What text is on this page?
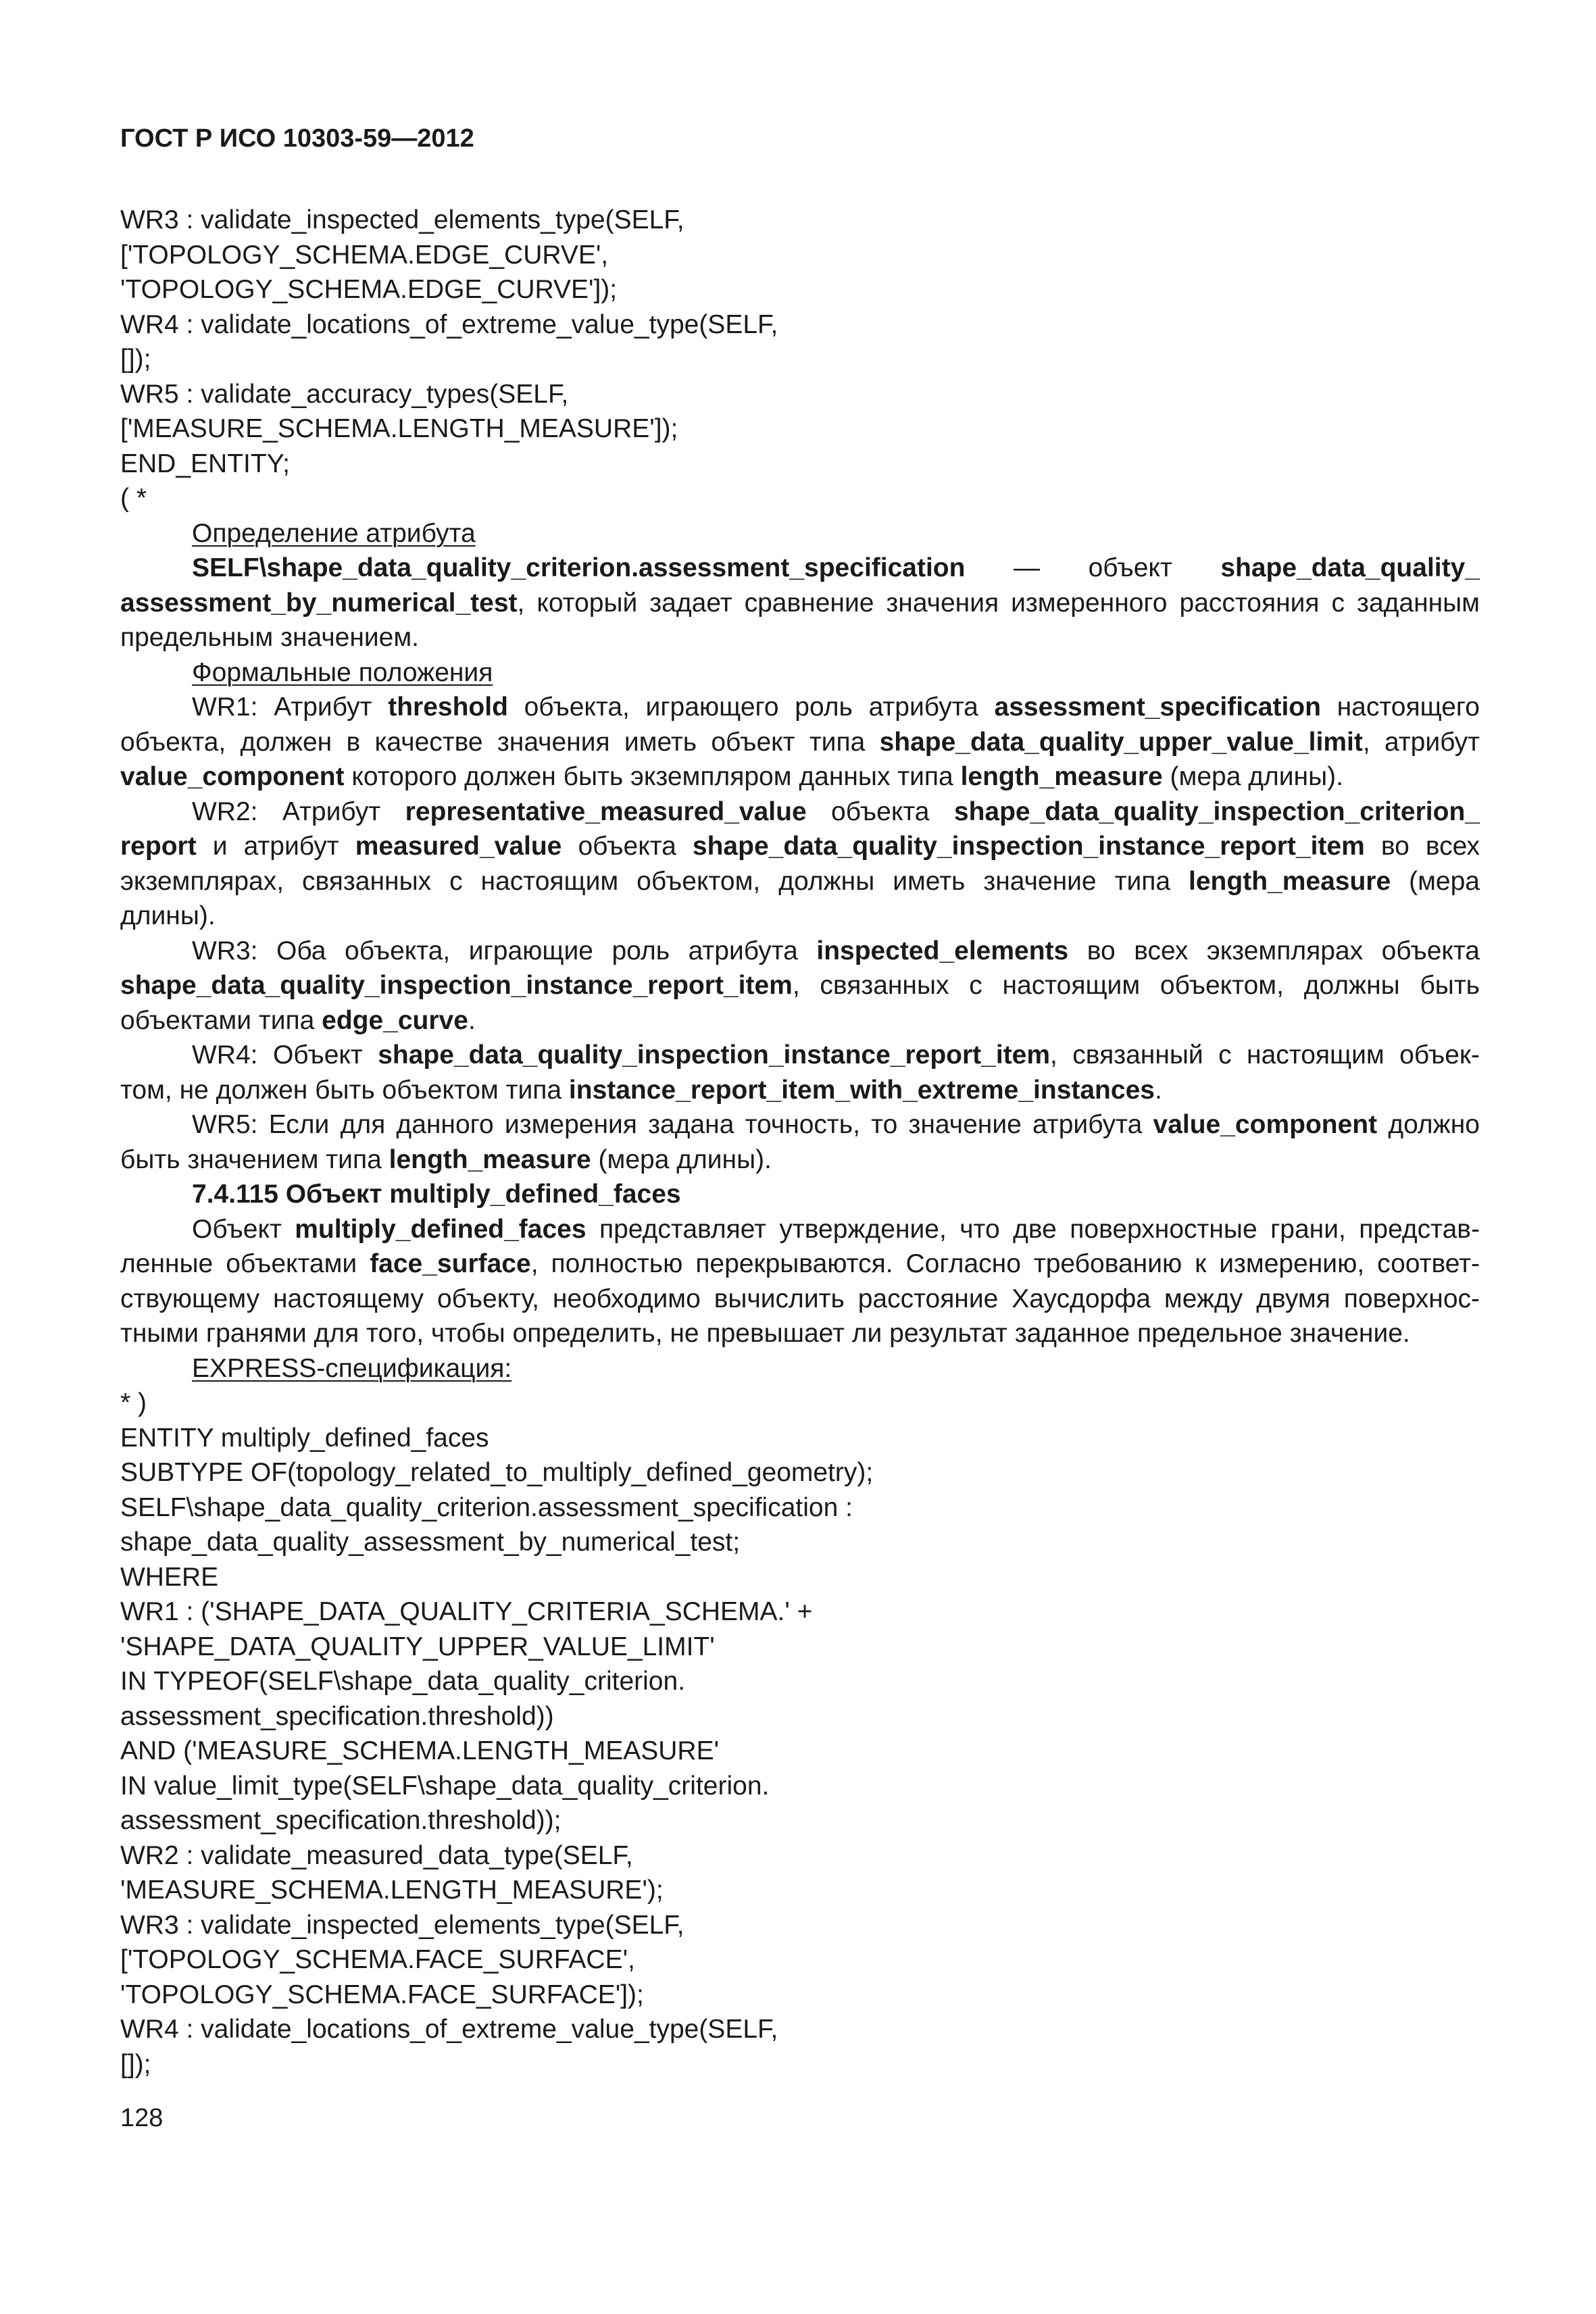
ГОСТ Р ИСО 10303-59—2012
WR3 : validate_inspected_elements_type(SELF,
['TOPOLOGY_SCHEMA.EDGE_CURVE',
'TOPOLOGY_SCHEMA.EDGE_CURVE']);
WR4 : validate_locations_of_extreme_value_type(SELF,
[]);
WR5 : validate_accuracy_types(SELF,
['MEASURE_SCHEMA.LENGTH_MEASURE']);
END_ENTITY;
( *
Определение атрибута
SELF\shape_data_quality_criterion.assessment_specification — объект shape_data_quality_
assessment_by_numerical_test, который задает сравнение значения измеренного расстояния с заданным
предельным значением.
Формальные положения
WR1: Атрибут threshold объекта, играющего роль атрибута assessment_specification настоящего
объекта, должен в качестве значения иметь объект типа shape_data_quality_upper_value_limit, атрибут
value_component которого должен быть экземпляром данных типа length_measure (мера длины).
WR2: Атрибут representative_measured_value объекта shape_data_quality_inspection_criterion_
report и атрибут measured_value объекта shape_data_quality_inspection_instance_report_item во всех
экземплярах, связанных с настоящим объектом, должны иметь значение типа length_measure (мера
длины).
WR3: Оба объекта, играющие роль атрибута inspected_elements во всех экземплярах объекта
shape_data_quality_inspection_instance_report_item, связанных с настоящим объектом, должны быть
объектами типа edge_curve.
WR4: Объект shape_data_quality_inspection_instance_report_item, связанный с настоящим объек-
том, не должен быть объектом типа instance_report_item_with_extreme_instances.
WR5: Если для данного измерения задана точность, то значение атрибута value_component должно
быть значением типа length_measure (мера длины).
7.4.115 Объект multiply_defined_faces
Объект multiply_defined_faces представляет утверждение, что две поверхностные грани, представ-
ленные объектами face_surface, полностью перекрываются. Согласно требованию к измерению, соответ-
ствующему настоящему объекту, необходимо вычислить расстояние Хаусдорфа между двумя поверхнос-
тными гранями для того, чтобы определить, не превышает ли результат заданное предельное значение.
EXPRESS-спецификация:
* )
ENTITY multiply_defined_faces
SUBTYPE OF(topology_related_to_multiply_defined_geometry);
SELF\shape_data_quality_criterion.assessment_specification :
shape_data_quality_assessment_by_numerical_test;
WHERE
WR1 : ('SHAPE_DATA_QUALITY_CRITERIA_SCHEMA.' +
'SHAPE_DATA_QUALITY_UPPER_VALUE_LIMIT'
IN TYPEOF(SELF\shape_data_quality_criterion.
assessment_specification.threshold))
AND ('MEASURE_SCHEMA.LENGTH_MEASURE'
IN value_limit_type(SELF\shape_data_quality_criterion.
assessment_specification.threshold));
WR2 : validate_measured_data_type(SELF,
'MEASURE_SCHEMA.LENGTH_MEASURE');
WR3 : validate_inspected_elements_type(SELF,
['TOPOLOGY_SCHEMA.FACE_SURFACE',
'TOPOLOGY_SCHEMA.FACE_SURFACE']);
WR4 : validate_locations_of_extreme_value_type(SELF,
[]);
128
